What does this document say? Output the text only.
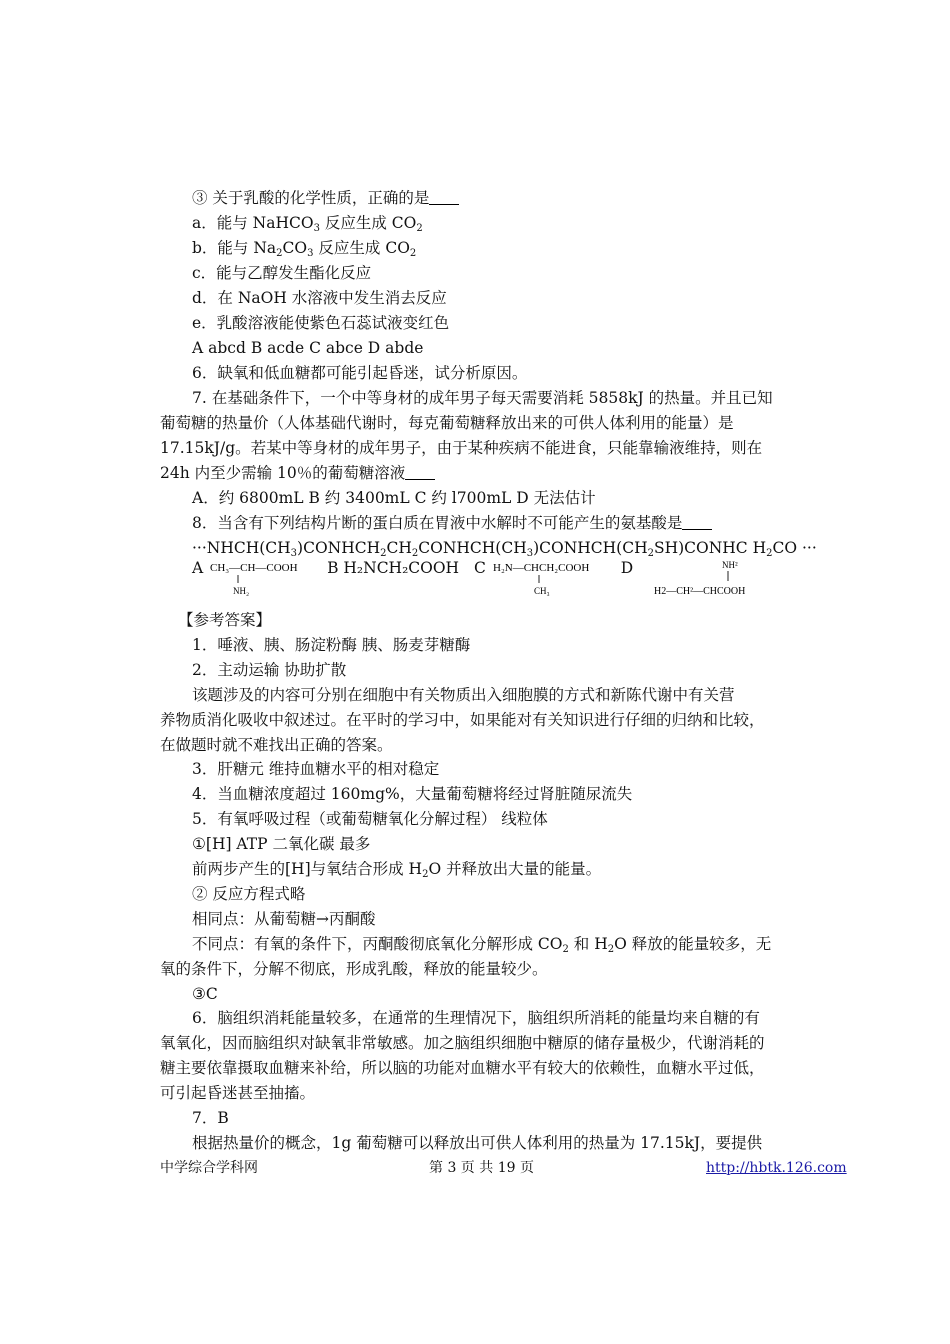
③ 关于乳酸的化学性质，正确的是
a．能与 NaHCO$_3$ 反应生成 $CO_2$
b．能与 $Na_2CO_3$ 反应生成 $CO_2$
c．能与乙醇发生酯化反应
d．在 NaOH 水溶液中发生消去反应
e．乳酸溶液能使紫色石蕊试液变红色
A abcd B acde C abce D abde
6．缺氧和低血糖都可能引起昏迷，试分析原因。
7. 在基础条件下，一个中等身材的成年男子每天需要消耗 5858kJ 的热量。并且已知
葡萄糖的热量价（人体基础代谢时，每克葡萄糖释放出来的可供人体利用的能量）是
17.15kJ/g。若某中等身材的成年男子，由于某种疾病不能进食，只能靠输液维持，则在
24h 内至少需输 10％的葡萄糖溶液
A．约 6800mL B 约 3400mL C 约 l700mL D 无法估计
8．当含有下列结构片断的蛋白质在胃液中水解时不可能产生的氨基酸是
$\cdot\cdot\cdot NHCH(CH_3)CONHCH_2CH_2CONHCH(CH_3)CONHCH(CH_2SH)CONHC$ $H_2CO$ ···
A CH₃—CH—COOH
NH₂
B H₂NCH₂COOH C H₂N—CHCH₂COOH
CH₃
D	NH²
H2—CH²—CHCOOH
【参考答案】
1．唾液、胰、肠淀粉酶 胰、肠麦芽糖酶
2．主动运输 协助扩散
该题涉及的内容可分别在细胞中有关物质出入细胞膜的方式和新陈代谢中有关营
养物质消化吸收中叙述过。在平时的学习中，如果能对有关知识进行仔细的归纳和比较，
在做题时就不难找出正确的答案。
3．肝糖元 维持血糖水平的相对稳定
4．当血糖浓度超过 160mg%，大量葡萄糖将经过肾脏随尿流失
5．有氧呼吸过程（或葡萄糖氧化分解过程） 线粒体
①[H] ATP 二氧化碳 最多
前两步产生的[H]与氧结合形成 $H_2O$ 并释放出大量的能量。
② 反应方程式略
相同点：从葡萄糖→丙酮酸
不同点：有氧的条件下，丙酮酸彻底氧化分解形成 $CO_2$ 和 $H_2O$ 释放的能量较多，无
氧的条件下，分解不彻底，形成乳酸，释放的能量较少。
③C
6．脑组织消耗能量较多，在通常的生理情况下，脑组织所消耗的能量均来自糖的有
氧氧化，因而脑组织对缺氧非常敏感。加之脑组织细胞中糖原的储存量极少，代谢消耗的
糖主要依靠摄取血糖来补给，所以脑的功能对血糖水平有较大的依赖性，血糖水平过低，
可引起昏迷甚至抽搐。
7．B
根据热量价的概念，1g 葡萄糖可以释放出可供人体利用的热量为 17.15kJ，要提供
中学综合学科网	第 3 页 共 19 页	http://hbtk.126.com
